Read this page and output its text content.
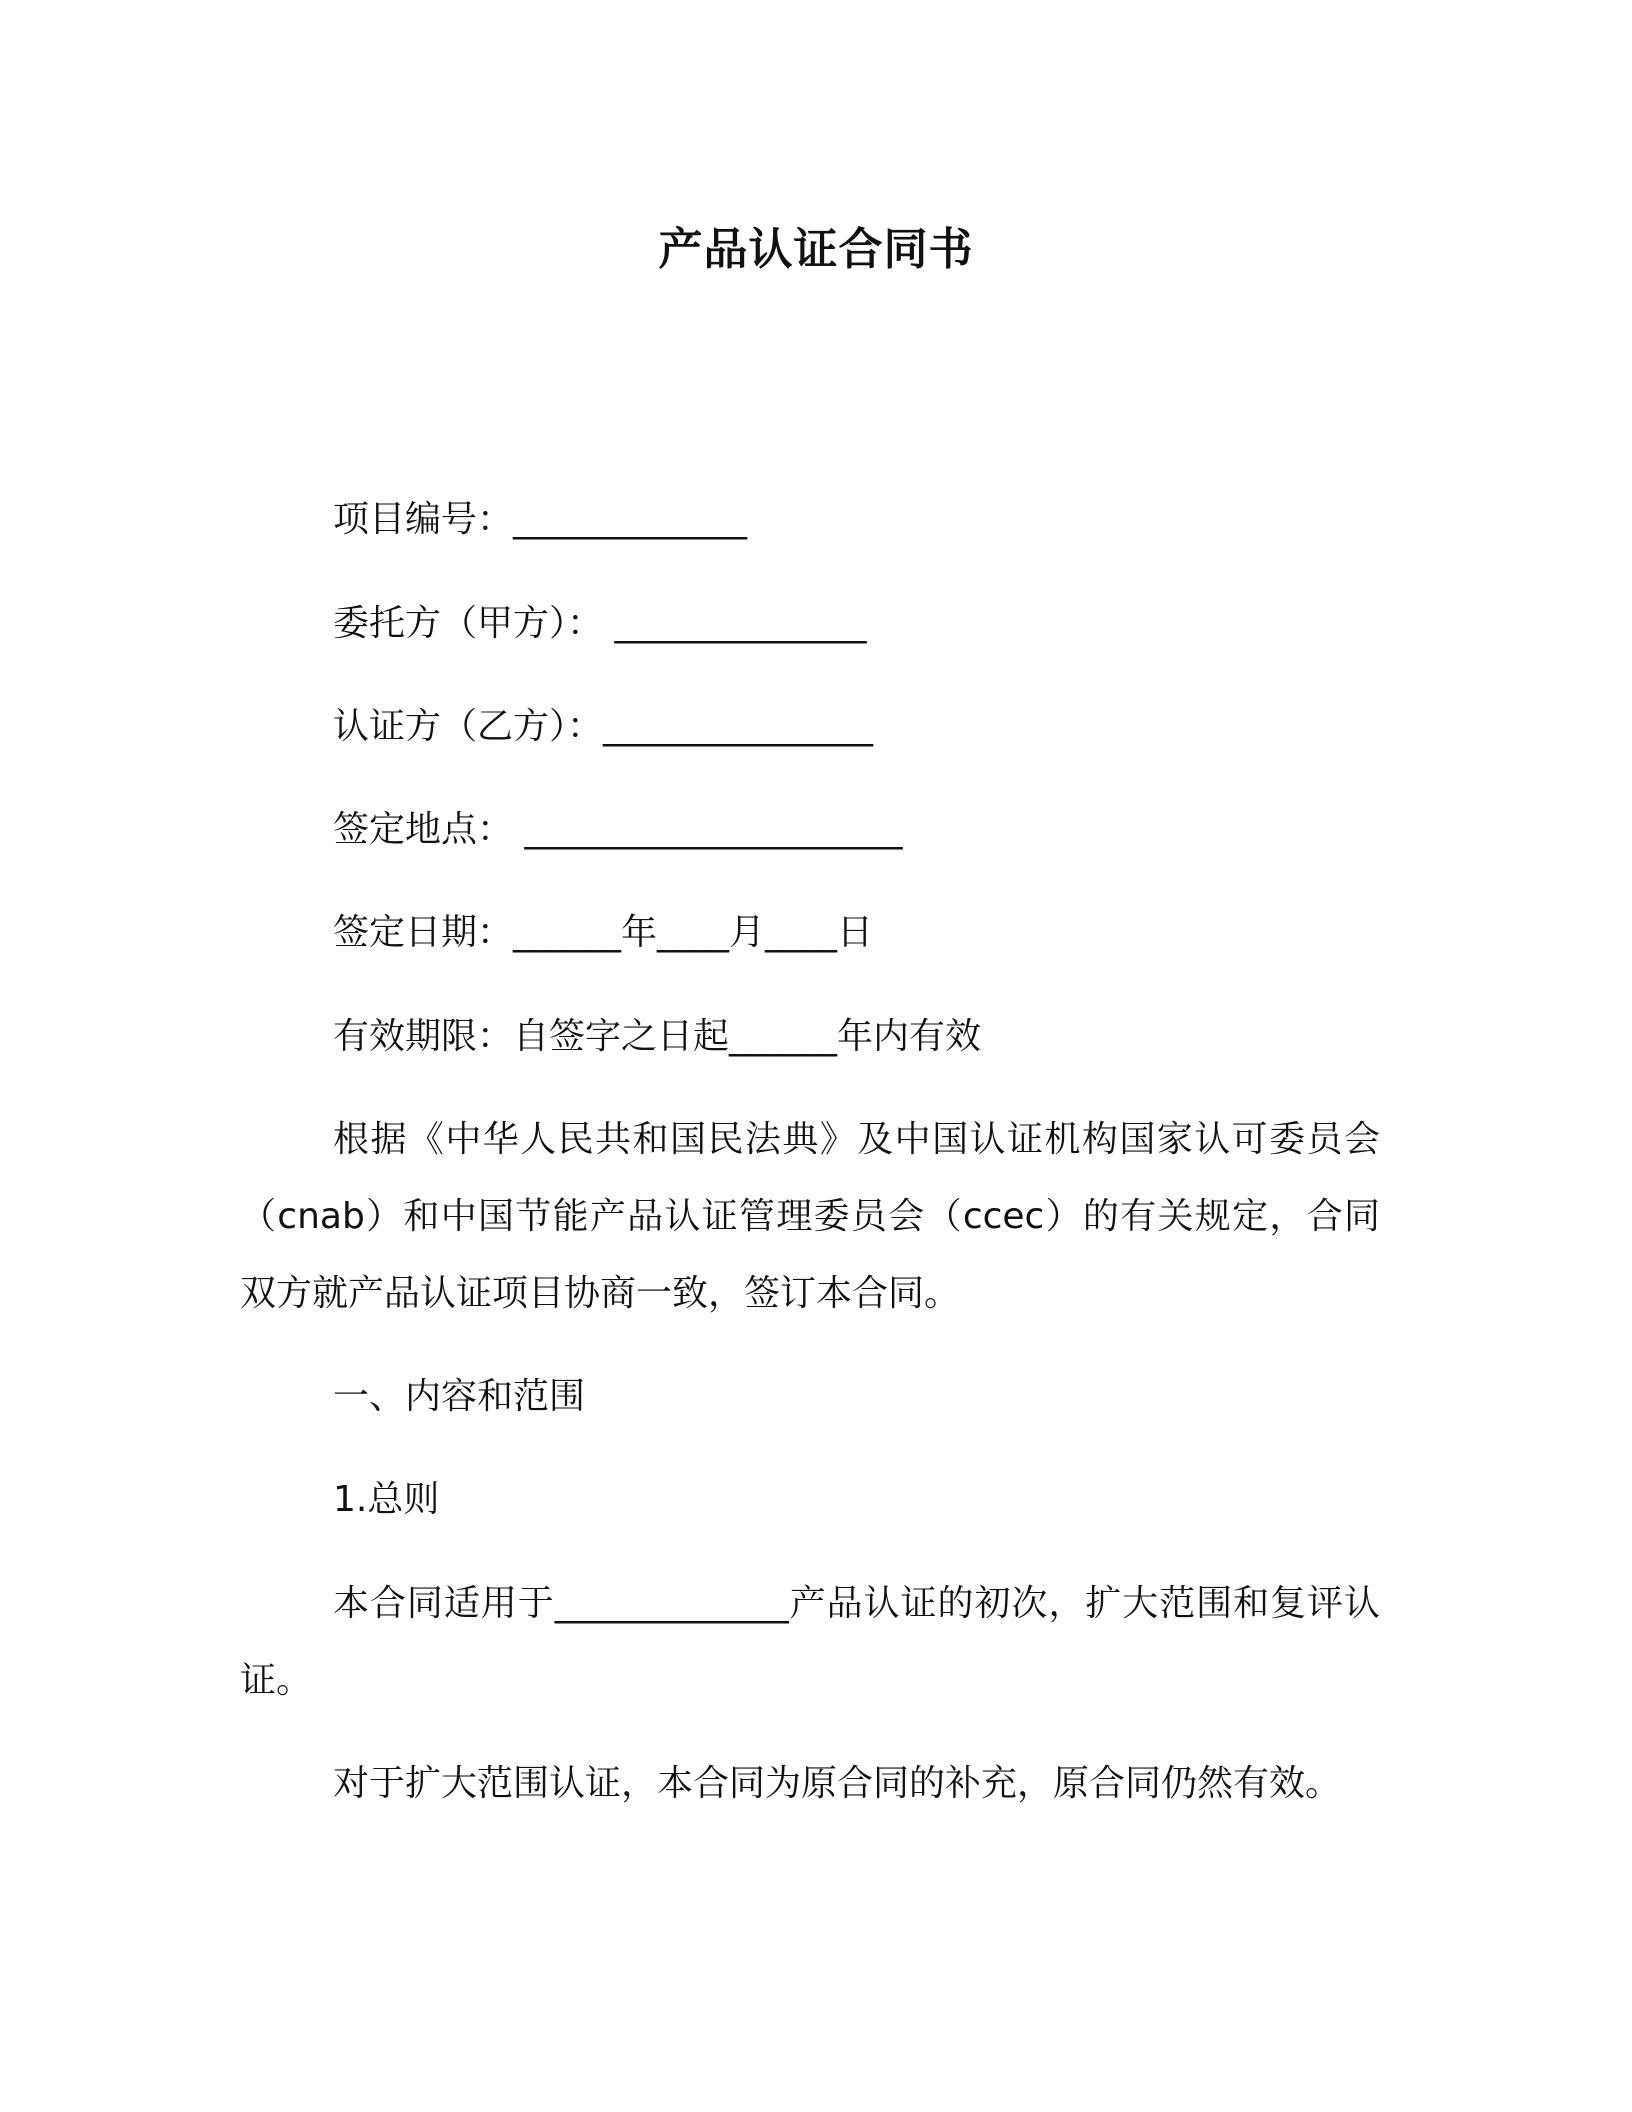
产品认证合同书
项目编号：_____________
委托方（甲方）： ______________
认证方（乙方）：_______________
签定地点： _____________________
签定日期：______年____月____日
有效期限：自签字之日起______年内有效
根据《中华人民共和国民法典》及中国认证机构国家认可委员会（cnab）和中国节能产品认证管理委员会（ccec）的有关规定，合同双方就产品认证项目协商一致，签订本合同。
一、内容和范围
1.总则
本合同适用于_____________产品认证的初次，扩大范围和复评认证。
对于扩大范围认证，本合同为原合同的补充，原合同仍然有效。
